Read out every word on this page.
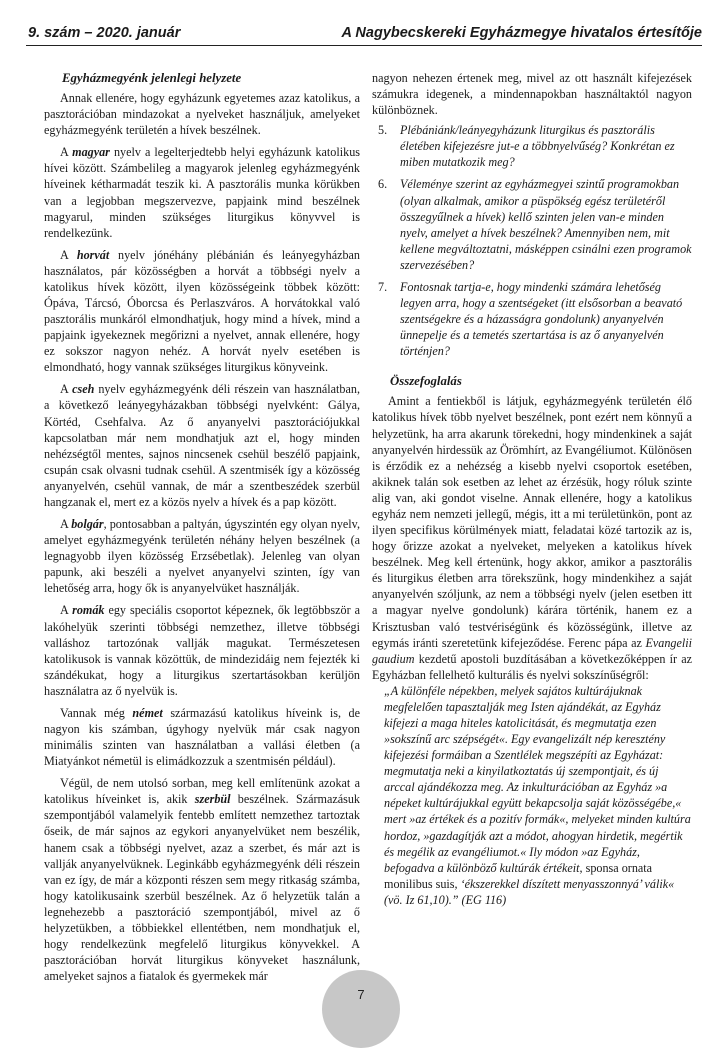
9. szám – 2020. január	A Nagybecskereki Egyházmegye hivatalos értesítője
Egyházmegyénk jelenlegi helyzete

Annak ellenére, hogy egyházunk egyetemes azaz katolikus, a pasztorációban mindazokat a nyelveket használjuk, amelyeket egyházmegyénk területén a hívek beszélnek.

A magyar nyelv a legelterjedtebb helyi egyházunk katolikus hívei között. Számbelileg a magyarok jelenleg egyházmegyénk híveinek kétharmadát teszik ki. A pasztorális munka körükben van a legjobban megszervezve, papjaink mind beszélnek magyarul, minden szükséges liturgikus könyvvel is rendelkezünk.

A horvát nyelv jónéhány plébánián és leányegyházban használatos, pár közösségben a horvát a többségi nyelv a katolikus hívek között, ilyen közösségeink többek között: Ópáva, Tárcsó, Óborcsa és Perlaszváros. A horvátokkal való pasztorális munkáról elmondhatjuk, hogy mind a hívek, mind a papjaink igyekeznek megőrizni a nyelvet, annak ellenére, hogy ez sokszor nagyon nehéz. A horvát nyelv esetében is elmondható, hogy vannak szükséges liturgikus könyveink.

A cseh nyelv egyházmegyénk déli részein van használatban, a következő leányegyházakban többségi nyelvként: Gálya, Körtéd, Csehfalva. Az ő anyanyelvi pasztorációjukkal kapcsolatban már nem mondhatjuk azt el, hogy minden nehézségtől mentes, sajnos nincsenek csehül beszélő papjaink, csupán csak olvasni tudnak csehül. A szentmisék így a közösség anyanyelvén, csehül vannak, de már a szentbeszédek szerbül hangzanak el, mert ez a közös nyelv a hívek és a pap között.

A bolgár, pontosabban a paltyán, úgyszintén egy olyan nyelv, amelyet egyházmegyénk területén néhány helyen beszélnek (a legnagyobb ilyen közösség Erzsébetlak). Jelenleg van olyan papunk, aki beszéli a nyelvet anyanyelvi szinten, így van lehetőség arra, hogy ők is anyanyelvüket használják.

A romák egy speciális csoportot képeznek, ők legtöbbször a lakóhelyük szerinti többségi nemzethez, illetve többségi valláshoz tartozónak vallják magukat. Természetesen katolikusok is vannak közöttük, de mindezidáig nem fejezték ki szándékukat, hogy a liturgikus szertartásokban kerüljön használatra az ő nyelvük is.

Vannak még német származású katolikus híveink is, de nagyon kis számban, úgyhogy nyelvük már csak nagyon minimális szinten van használatban a vallási életben (a Miatyánkot németül is elimádkozzuk a szentmisén például).

Végül, de nem utolsó sorban, meg kell említenünk azokat a katolikus híveinket is, akik szerbül beszélnek. Származásuk szempontjából valamelyik fentebb említett nemzethez tartoztak őseik, de már sajnos az egykori anyanyelvüket nem beszélik, hanem csak a többségi nyelvet, azaz a szerbet, és már azt is vallják anyanyelvüknek. Leginkább egyházmegyénk déli részein van ez így, de már a központi részen sem megy ritkaság számba, hogy katolikusaink szerbül beszélnek. Az ő helyzetük talán a legnehezebb a pasztoráció szempontjából, mivel az ő helyzetükben, a többiekkel ellentétben, nem mondhatjuk el, hogy rendelkezünk megfelelő liturgikus könyvekkel. A pasztorációban horvát liturgikus könyveket használunk, amelyeket sajnos a fiatalok és gyermekek már

nagyon nehezen értenek meg, mivel az ott használt kifejezések számukra idegenek, a mindennapokban használtaktól nagyon különböznek.

5. Plébániánk/leányegyházunk liturgikus és pasztorális életében kifejezésre jut-e a többnyelvűség? Konkrétan ez miben mutatkozik meg?
6. Véleménye szerint az egyházmegyei szintű programokban (olyan alkalmak, amikor a püspökség egész területéről összegyűlnek a hívek) kellő szinten jelen van-e minden nyelv, amelyet a hívek beszélnek? Amennyiben nem, mit kellene megváltoztatni, másképpen csinálni ezen programok szervezésében?
7. Fontosnak tartja-e, hogy mindenki számára lehetőség legyen arra, hogy a szentségeket (itt elsősorban a beavató szentségekre és a házasságra gondolunk) anyanyelvén ünnepelje és a temetés szertartása is az ő anyanyelvén történjen?
Összefoglalás

Amint a fentiekből is látjuk, egyházmegyénk területén élő katolikus hívek több nyelvet beszélnek, pont ezért nem könnyű a helyzetünk, ha arra akarunk törekedni, hogy mindenkinek a saját anyanyelvén hirdessük az Örömhírt, az Evangéliumot. Különösen is érződik ez a nehézség a kisebb nyelvi csoportok esetében, akiknek talán sok esetben az lehet az érzésük, hogy róluk szinte alig van, aki gondot viselne. Annak ellenére, hogy a katolikus egyház nem nemzeti jellegű, mégis, itt a mi területünkön, pont az ilyen specifikus körülmények miatt, feladatai közé tartozik az is, hogy őrizze azokat a nyelveket, melyeken a katolikus hívek beszélnek. Meg kell értenünk, hogy akkor, amikor a pasztorális és liturgikus életben arra törekszünk, hogy mindenkihez a saját anyanyelvén szóljunk, az nem a többségi nyelv (jelen esetben itt a magyar nyelve gondolunk) kárára történik, hanem ez a Krisztusban való testvériségünk és közösségünk, illetve az egymás iránti szeretetünk kifejeződése. Ferenc pápa az Evangelii gaudium kezdetű apostoli buzdításában a következőképpen ír az Egyházban fellelhető kulturális és nyelvi sokszínűségről:

„A különféle népekben, melyek sajátos kultúrájuknak megfelelően tapasztalják meg Isten ajándékát, az Egyház kifejezi a maga hiteles katolicitását, és megmutatja ezen »sokszínű arc szépségét«. Egy evangelizált nép keresztény kifejezési formáiban a Szentlélek megszépíti az Egyházat: megmutatja neki a kinyilatkoztatás új szempontjait, és új arccal ajándékozza meg. Az inkulturációban az Egyház »a népeket kultúrájukkal együtt bekapcsolja saját közösségébe,« mert »az értékek és a pozitív formák«, melyeket minden kultúra hordoz, »gazdagítják azt a módot, ahogyan hirdetik, megértik és megélik az evangéliumot.« Ily módon »az Egyház, befogadva a különböző kultúrák értékeit, sponsa ornata monilibus suis, ‘ékszerekkel díszített menyasszonnyá’ válik« (vö. Iz 61,10).” (EG 116)

7
